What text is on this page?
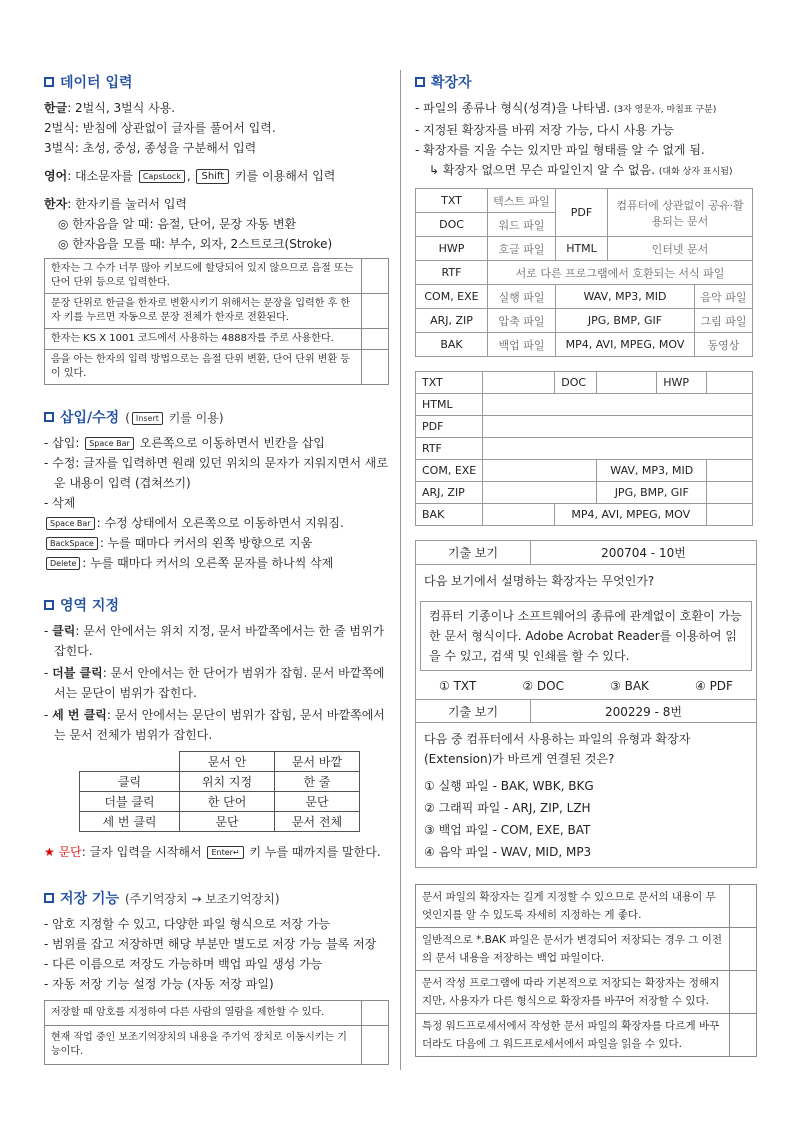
데이터 입력
한글: 2벌식, 3벌식 사용.
2벌식: 받침에 상관없이 글자를 풀어서 입력.
3벌식: 초성, 중성, 종성을 구분해서 입력
영어: 대소문자를 CapsLock , Shift 키를 이용해서 입력
한자: 한자키를 눌러서 입력
◎ 한자음을 알 때: 음절, 단어, 문장 자동 변환
◎ 한자음을 모를 때: 부수, 외자, 2스트로크(Stroke)
한자는 그 수가 너무 많아 키보드에 할당되어 있지 않으므로 음절 또는 단어 단위 등으로 입력한다.
문장 단위로 한글을 한자로 변환시키기 위해서는 문장을 입력한 후 한자 키를 누르면 자동으로 문장 전체가 한자로 전환된다.
한자는 KS X 1001 코드에서 사용하는 4888자를 주로 사용한다.
음을 아는 한자의 입력 방법으로는 음절 단위 변환, 단어 단위 변환 등이 있다.
삽입/수정 ( Insert 키를 이용)
- 삽입: Space Bar 오른쪽으로 이동하면서 빈칸을 삽입
- 수정: 글자를 입력하면 원래 있던 위치의 문자가 지워지면서 새로운 내용이 입력 (겹쳐쓰기)
- 삭제
Space Bar : 수정 상태에서 오른쪽으로 이동하면서 지워짐.
BackSpace : 누를 때마다 커서의 왼쪽 방향으로 지움
Delete : 누를 때마다 커서의 오른쪽 문자를 하나씩 삭제
영역 지정
- 클릭: 문서 안에서는 위치 지정, 문서 바깥쪽에서는 한 줄 범위가 잡힌다.
- 더블 클릭: 문서 안에서는 한 단어가 범위가 잡힘. 문서 바깥쪽에서는 문단이 범위가 잡힌다.
- 세 번 클릭: 문서 안에서는 문단이 범위가 잡힘, 문서 바깥쪽에서는 문서 전체가 범위가 잡힌다.
	문서 안	문서 바깥
클릭	위치 지정	한 줄
더블 클릭	한 단어	문단
세 번 클릭	문단	문서 전체
★ 문단: 글자 입력을 시작해서 Enter↵ 키 누를 때까지를 말한다.
저장 기능 (주기억장치 → 보조기억장치)
- 암호 지정할 수 있고, 다양한 파일 형식으로 저장 가능
- 범위를 잡고 저장하면 해당 부분만 별도로 저장 가능 블록 저장
- 다른 이름으로 저장도 가능하며 백업 파일 생성 가능
- 자동 저장 기능 설정 가능 (자동 저장 파일)
저장할 때 암호를 지정하여 다른 사람의 열람을 제한할 수 있다.
현재 작업 중인 보조기억장치의 내용을 주기억 장치로 이동시키는 기능이다.
확장자
- 파일의 종류나 형식(성격)을 나타냄. (3자 영문자, 마침표 구분)
- 지정된 확장자를 바꿔 저장 가능, 다시 사용 가능
- 확장자를 지울 수는 있지만 파일 형태를 알 수 없게 됨.
↳ 확장자 없으면 무슨 파일인지 알 수 없음. (대화 상자 표시됨)
TXT	텍스트 파일	PDF	컴퓨터에 상관없이 공유·활용되는 문서	
DOC	워드 파일			
HWP	호글 파일	HTML	인터넷 문서	
RTF	서로 다른 프로그램에서 호환되는 서식 파일			
COM, EXE	실행 파일	WAV, MP3, MID		음악 파일
ARJ, ZIP	압축 파일	JPG, BMP, GIF		그림 파일
BAK	백업 파일	MP4, AVI, MPEG, MOV		동영상
TXT		DOC		HWP	
HTML					
PDF					
RTF					
COM, EXE			WAV, MP3, MID		
ARJ, ZIP			JPG, BMP, GIF		
BAK		MP4, AVI, MPEG, MOV			
기출 보기	200704 - 10번
다음 보기에서 설명하는 확장자는 무엇인가?
컴퓨터 기종이나 소프트웨어의 종류에 관계없이 호환이 가능한 문서 형식이다. Adobe Acrobat Reader를 이용하여 읽을 수 있고, 검색 및 인쇄를 할 수 있다.
① TXT	② DOC	③ BAK	④ PDF
기출 보기	200229 - 8번
다음 중 컴퓨터에서 사용하는 파일의 유형과 확장자(Extension)가 바르게 연결된 것은?
① 실행 파일 - BAK, WBK, BKG
② 그래픽 파일 - ARJ, ZIP, LZH
③ 백업 파일 - COM, EXE, BAT
④ 음악 파일 - WAV, MID, MP3
문서 파일의 확장자는 길게 지정할 수 있으므로 문서의 내용이 무엇인지를 알 수 있도록 자세히 지정하는 게 좋다.
일반적으로 *.BAK 파일은 문서가 변경되어 저장되는 경우 그 이전의 문서 내용을 저장하는 백업 파일이다.
문서 작성 프로그램에 따라 기본적으로 저장되는 확장자는 정해지지만, 사용자가 다른 형식으로 확장자를 바꾸어 저장할 수 있다.
특정 워드프로세서에서 작성한 문서 파일의 확장자를 다르게 바꾸더라도 다음에 그 워드프로세서에서 파일을 읽을 수 있다.
